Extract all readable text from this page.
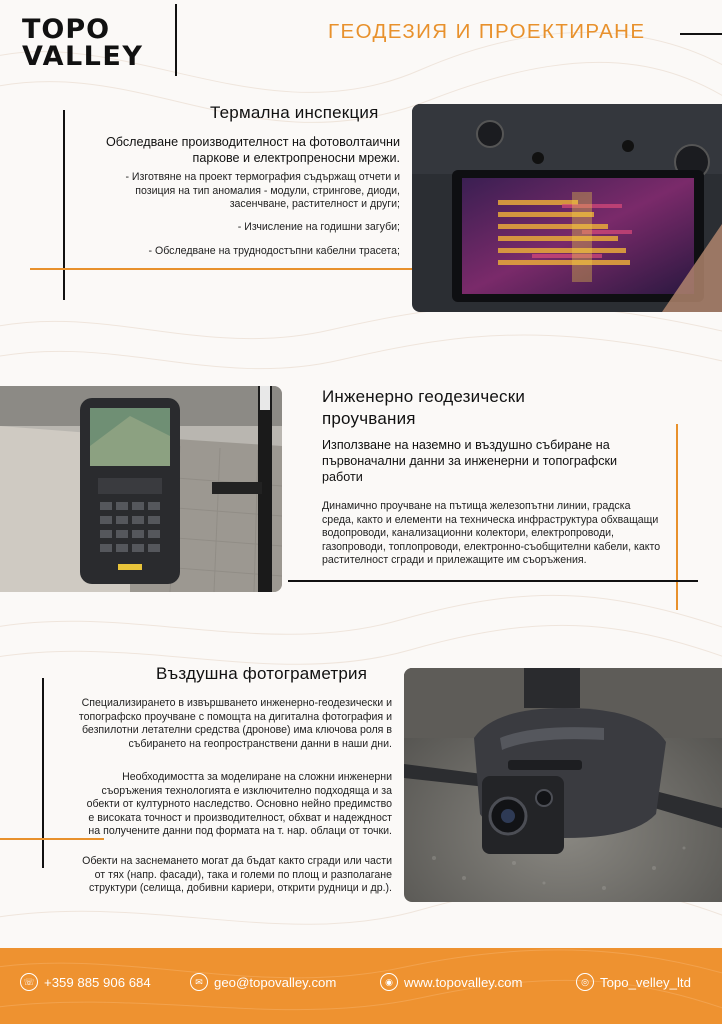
TOPO
VALLEY
ГЕОДЕЗИЯ И ПРОЕКТИРАНЕ
Термална инспекция
Обследване производителност на фотоволтаични паркове и електропреносни мрежи.
- Изготвяне на проект термография съдържащ отчети и позиция на тип аномалия - модули, стрингове, диоди, засенчване, растителност и други;
- Изчисление на годишни загуби;
- Обследване на труднодостъпни кабелни трасета;
Инженерно геодезически проучвания
Използване на наземно и въздушно събиране на първоначални данни за инженерни и топографски работи
Динамично проучване на пътища железопътни линии, градска среда, както и елементи на техническа инфраструктура обхващащи водопроводи, канализационни колектори, електропроводи, газопроводи, топлопроводи, електронно-съобщителни кабели, както растителност сгради и прилежащите им съоръжения.
Въздушна фотограметрия
Специализирането в извършването инженерно-геодезически и топографско проучване с помощта на дигитална фотография и безпилотни летателни средства (дронове) има ключова роля в събирането на геопространствени данни в наши дни.
Необходимостта за моделиране на сложни инженерни съоръжения технологията е изключително подходяща и за обекти от културното наследство. Основно нейно предимство е високата точност и производителност, обхват и надеждност на получените данни под формата на т. нар. облаци от точки.
Обекти на заснемането могат да бъдат както сгради или части от тях (напр. фасади), така и големи по площ и разполагане структури (селища, добивни кариери, открити рудници и др.).
☏ +359 885 906 684	✉ geo@topovalley.com	◉ www.topovalley.com	◎ Topo_velley_ltd
